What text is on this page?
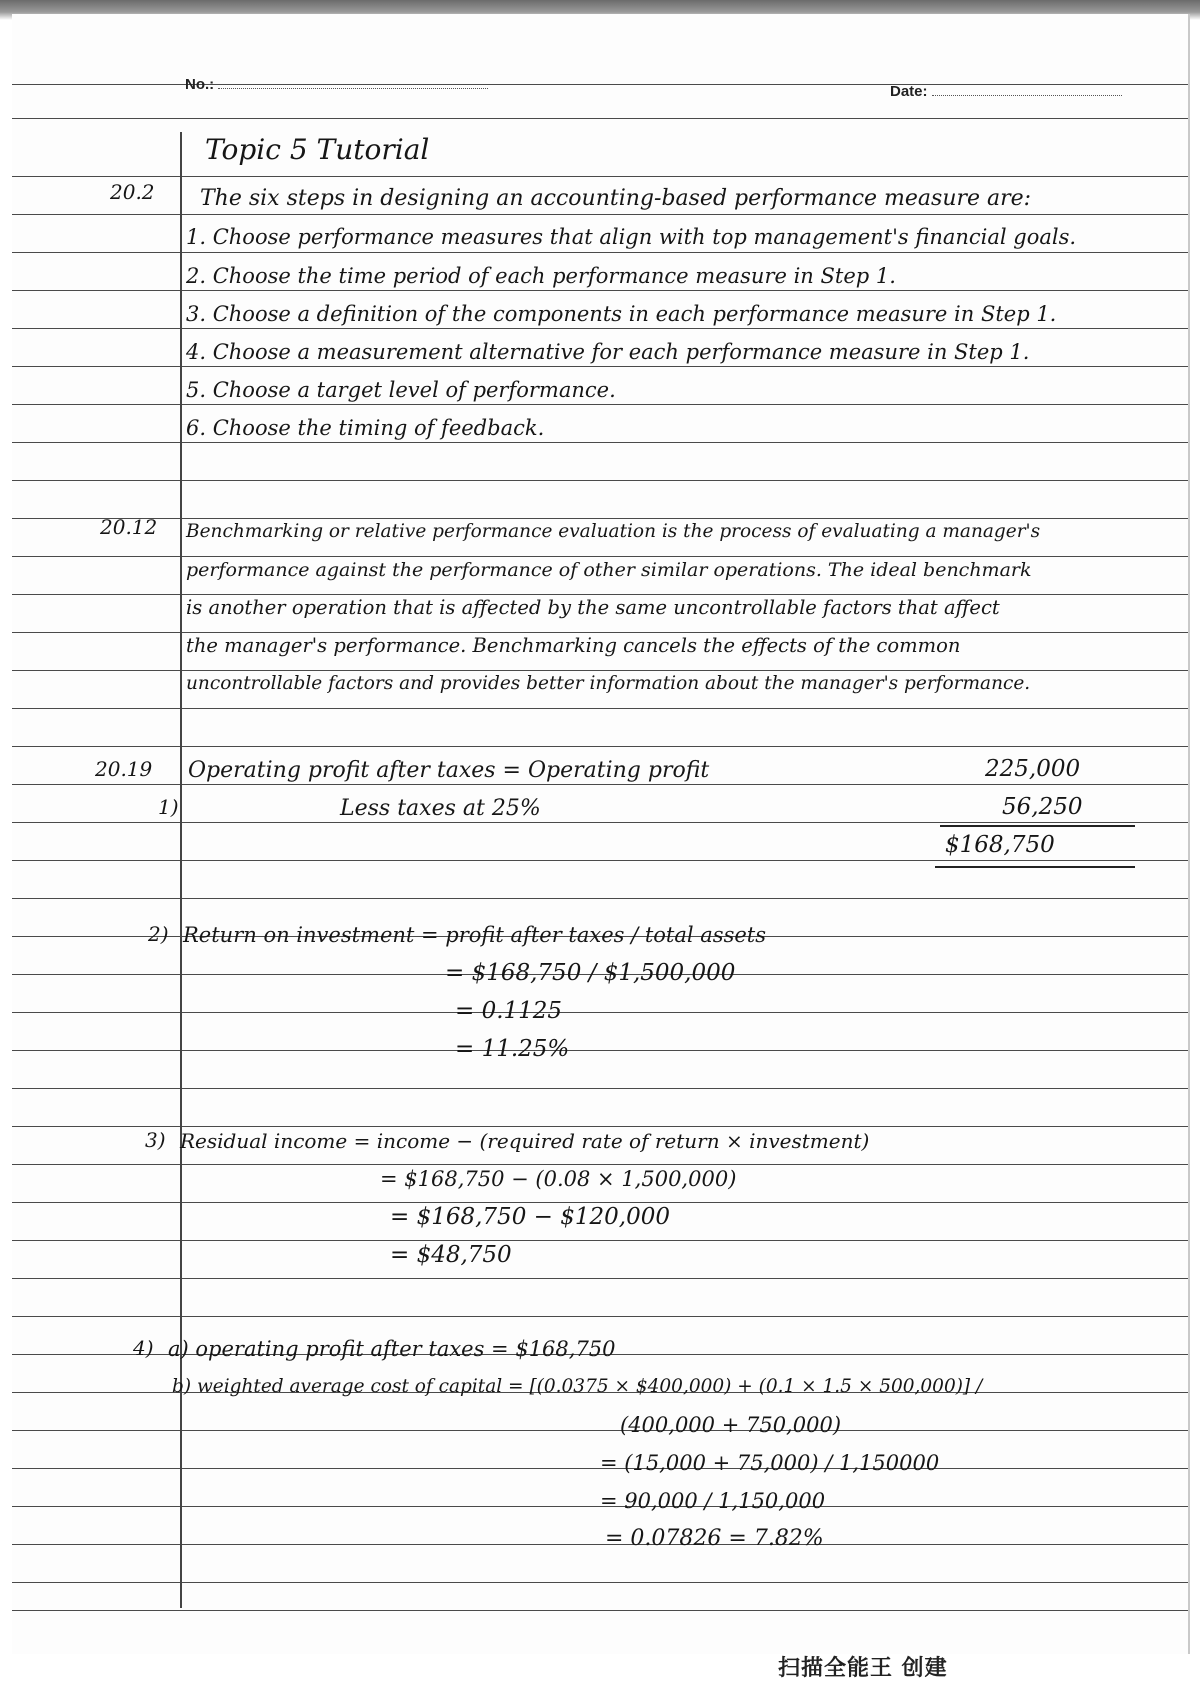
No.:	Date:
Topic 5 Tutorial
20.2 The six steps in designing an accounting-based performance measure are:
1. Choose performance measures that align with top management's financial goals.
2. Choose the time period of each performance measure in Step 1.
3. Choose a definition of the components in each performance measure in Step 1.
4. Choose a measurement alternative for each performance measure in Step 1.
5. Choose a target level of performance.
6. Choose the timing of feedback.
20.12 Benchmarking or relative performance evaluation is the process of evaluating a manager's
performance against the performance of other similar operations. The ideal benchmark
is another operation that is affected by the same uncontrollable factors that affect
the manager's performance. Benchmarking cancels the effects of the common
uncontrollable factors and provides better information about the manager's performance.
20.19
1)
Operating profit after taxes = Operating profit	225,000
Less taxes at 25%	56,250
$168,750
2) Return on investment = profit after taxes / total assets
= $168,750 / $1,500,000
= 0.1125
= 11.25%
3) Residual income = income − (required rate of return × investment)
= $168,750 − (0.08 × 1,500,000)
= $168,750 − $120,000
= $48,750
4) a) operating profit after taxes = $168,750
b) weighted average cost of capital = [(0.0375 × $400,000) + (0.1 × 1.5 × 500,000)] /
(400,000 + 750,000)
= (15,000 + 75,000) / 1,150000
= 90,000 / 1,150,000
= 0.07826 = 7.82%
扫描全能王 创建
